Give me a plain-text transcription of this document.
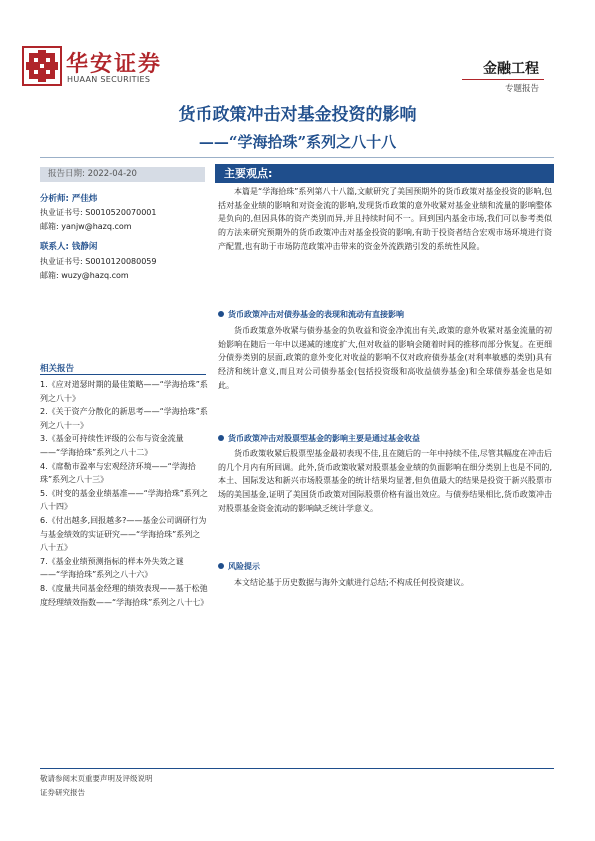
华安证券
HUAAN SECURITIES
金融工程
专题报告
货币政策冲击对基金投资的影响
——“学海拾珠”系列之八十八
报告日期: 2022-04-20
分析师: 严佳炜
执业证书号: S0010520070001
邮箱: yanjw@hazq.com
联系人: 钱静闲
执业证书号: S0010120080059
邮箱: wuzy@hazq.com
相关报告
1.《应对道瑟时期的最佳策略——“学海拾珠”系列之八十》
2.《关于资产分散化的新思考——“学海拾珠”系列之八十一》
3.《基金可持续性评级的公布与资金流量——“学海拾珠”系列之八十二》
4.《席勒市盈率与宏观经济环境——“学海拾珠”系列之八十三》
5.《时变的基金业绩基准——“学海拾珠”系列之八十四》
6.《付出越多,回报越多?——基金公司调研行为与基金绩效的实证研究——“学海拾珠”系列之八十五》
7.《基金业绩预测指标的样本外失效之谜——“学海拾珠”系列之八十六》
8.《度量共同基金经理的绩效表现——基于松弛度经理绩效指数——“学海拾珠”系列之八十七》
主要观点:

本篇是“学海拾珠”系列第八十八篇,文献研究了美国预期外的货币政策对基金投资的影响,包括对基金业绩的影响和对资金流的影响,发现货币政策的意外收紧对基金业绩和流量的影响整体是负向的,但因具体的资产类别而异,并且持续时间不一。回到国内基金市场,我们可以参考类似的方法来研究预期外的货币政策冲击对基金投资的影响,有助于投资者结合宏观市场环境进行资产配置,也有助于市场防范政策冲击带来的资金外流跌踏引发的系统性风险。

货币政策冲击对债券基金的表现和流动有直接影响

货币政策意外收紧与债券基金的负收益和资金净流出有关,政策的意外收紧对基金流量的初始影响在随后一年中以递减的速度扩大,但对收益的影响会随着时间的推移而部分恢复。在更细分债券类别的层面,政策的意外变化对收益的影响不仅对政府债券基金(对利率敏感的类别)具有经济和统计意义,而且对公司债券基金(包括投资级和高收益债券基金)和全球债券基金也是如此。

货币政策冲击对股票型基金的影响主要是通过基金收益

货币政策收紧后股票型基金最初表现不佳,且在随后的一年中持续不佳,尽管其幅度在冲击后的几个月内有所回调。此外,货币政策收紧对股票基金业绩的负面影响在细分类别上也是不同的,本土、国际发达和新兴市场股票基金的统计结果均显著,但负值最大的结果是投资于新兴股票市场的美国基金,证明了美国货币政策对国际股票价格有溢出效应。与债券结果相比,货币政策冲击对股票基金资金流动的影响缺乏统计学意义。

风险提示

本文结论基于历史数据与海外文献进行总结;不构成任何投资建议。

敬请参阅末页重要声明及评级说明
证券研究报告
